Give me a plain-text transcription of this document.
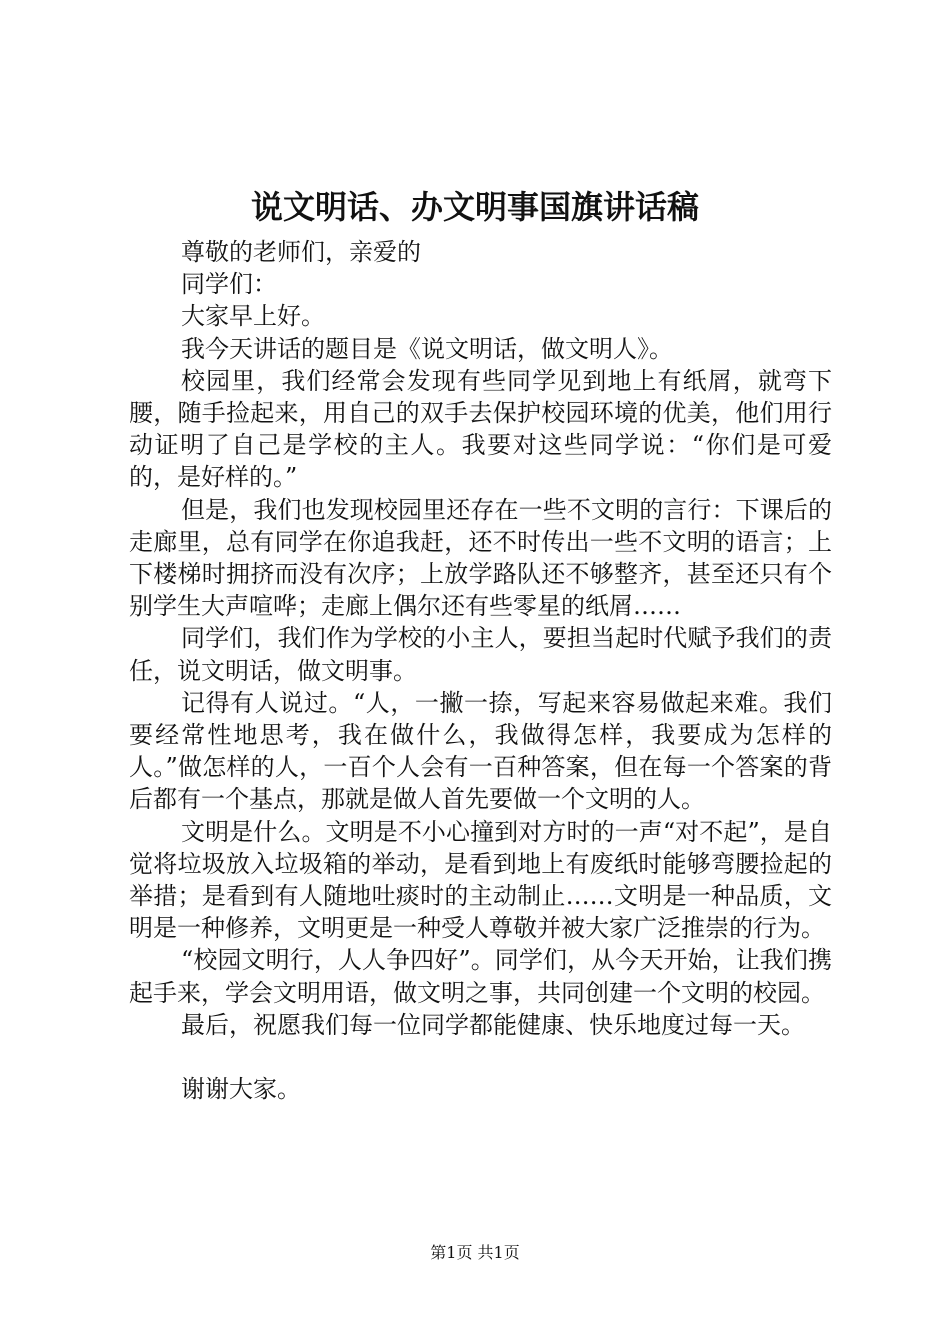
说文明话、办文明事国旗讲话稿

尊敬的老师们，亲爱的

同学们：

大家早上好。

我今天讲话的题目是《说文明话，做文明人》。

校园里，我们经常会发现有些同学见到地上有纸屑，就弯下腰，随手捡起来，用自己的双手去保护校园环境的优美，他们用行动证明了自己是学校的主人。我要对这些同学说：“你们是可爱的，是好样的。”

但是，我们也发现校园里还存在一些不文明的言行：下课后的走廊里，总有同学在你追我赶，还不时传出一些不文明的语言；上下楼梯时拥挤而没有次序；上放学路队还不够整齐，甚至还只有个别学生大声喧哗；走廊上偶尔还有些零星的纸屑……

同学们，我们作为学校的小主人，要担当起时代赋予我们的责任，说文明话，做文明事。

记得有人说过。“人，一撇一捺，写起来容易做起来难。我们要经常性地思考，我在做什么，我做得怎样，我要成为怎样的人。”做怎样的人，一百个人会有一百种答案，但在每一个答案的背后都有一个基点，那就是做人首先要做一个文明的人。

文明是什么。文明是不小心撞到对方时的一声“对不起”，是自觉将垃圾放入垃圾箱的举动，是看到地上有废纸时能够弯腰捡起的举措；是看到有人随地吐痰时的主动制止……文明是一种品质，文明是一种修养，文明更是一种受人尊敬并被大家广泛推崇的行为。

“校园文明行，人人争四好”。同学们，从今天开始，让我们携起手来，学会文明用语，做文明之事，共同创建一个文明的校园。

最后，祝愿我们每一位同学都能健康、快乐地度过每一天。

谢谢大家。

第1页 共1页
